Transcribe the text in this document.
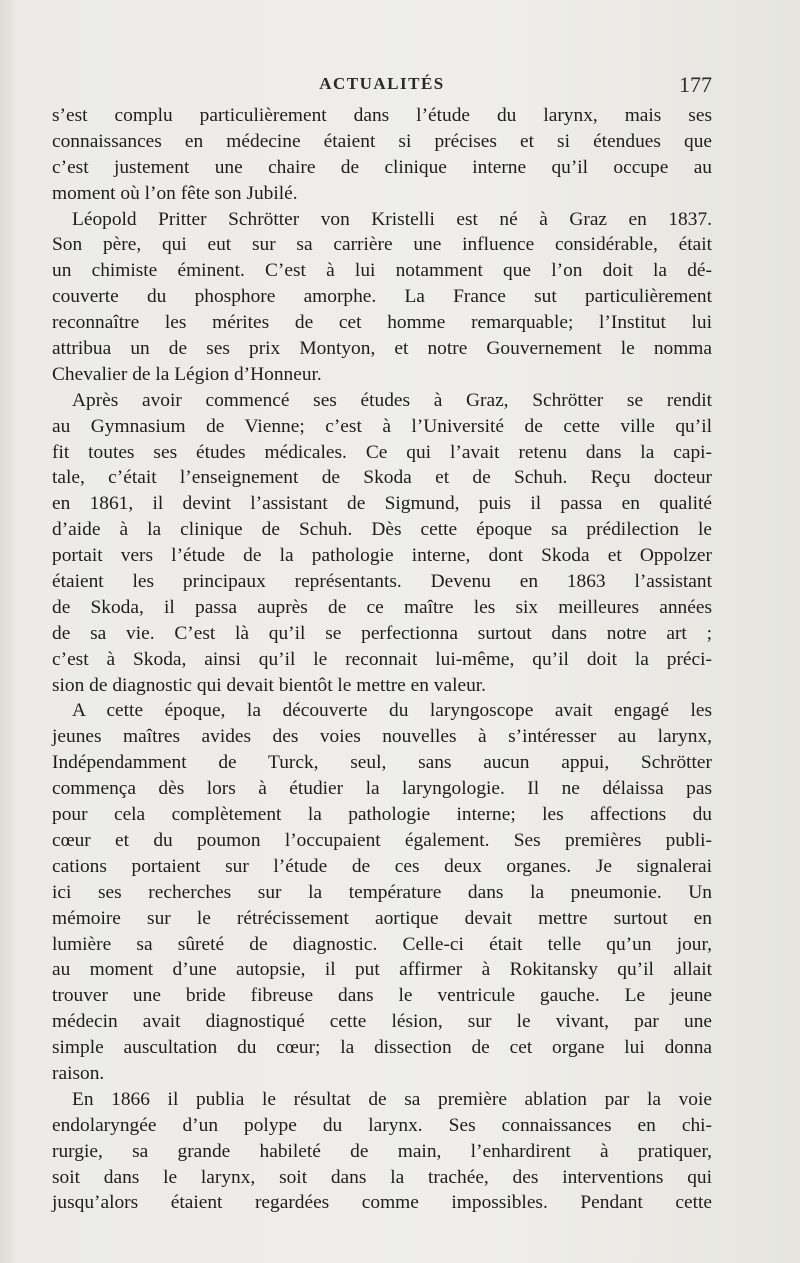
ACTUALITÉS	177
s’est complu particulièrement dans l’étude du larynx, mais ses
connaissances en médecine étaient si précises et si étendues que
c’est justement une chaire de clinique interne qu’il occupe au
moment où l’on fête son Jubilé.
Léopold Pritter Schrötter von Kristelli est né à Graz en 1837.
Son père, qui eut sur sa carrière une influence considérable, était
un chimiste éminent. C’est à lui notamment que l’on doit la dé-
couverte du phosphore amorphe. La France sut particulièrement
reconnaître les mérites de cet homme remarquable; l’Institut lui
attribua un de ses prix Montyon, et notre Gouvernement le nomma
Chevalier de la Légion d’Honneur.
Après avoir commencé ses études à Graz, Schrötter se rendit
au Gymnasium de Vienne; c’est à l’Université de cette ville qu’il
fit toutes ses études médicales. Ce qui l’avait retenu dans la capi-
tale, c’était l’enseignement de Skoda et de Schuh. Reçu docteur
en 1861, il devint l’assistant de Sigmund, puis il passa en qualité
d’aide à la clinique de Schuh. Dès cette époque sa prédilection le
portait vers l’étude de la pathologie interne, dont Skoda et Oppolzer
étaient les principaux représentants. Devenu en 1863 l’assistant
de Skoda, il passa auprès de ce maître les six meilleures années
de sa vie. C’est là qu’il se perfectionna surtout dans notre art ;
c’est à Skoda, ainsi qu’il le reconnait lui-même, qu’il doit la préci-
sion de diagnostic qui devait bientôt le mettre en valeur.
A cette époque, la découverte du laryngoscope avait engagé les
jeunes maîtres avides des voies nouvelles à s’intéresser au larynx,
Indépendamment de Turck, seul, sans aucun appui, Schrötter
commença dès lors à étudier la laryngologie. Il ne délaissa pas
pour cela complètement la pathologie interne; les affections du
cœur et du poumon l’occupaient également. Ses premières publi-
cations portaient sur l’étude de ces deux organes. Je signalerai
ici ses recherches sur la température dans la pneumonie. Un
mémoire sur le rétrécissement aortique devait mettre surtout en
lumière sa sûreté de diagnostic. Celle-ci était telle qu’un jour,
au moment d’une autopsie, il put affirmer à Rokitansky qu’il allait
trouver une bride fibreuse dans le ventricule gauche. Le jeune
médecin avait diagnostiqué cette lésion, sur le vivant, par une
simple auscultation du cœur; la dissection de cet organe lui donna
raison.
En 1866 il publia le résultat de sa première ablation par la voie
endolaryngée d’un polype du larynx. Ses connaissances en chi-
rurgie, sa grande habileté de main, l’enhardirent à pratiquer,
soit dans le larynx, soit dans la trachée, des interventions qui
jusqu’alors étaient regardées comme impossibles. Pendant cette
